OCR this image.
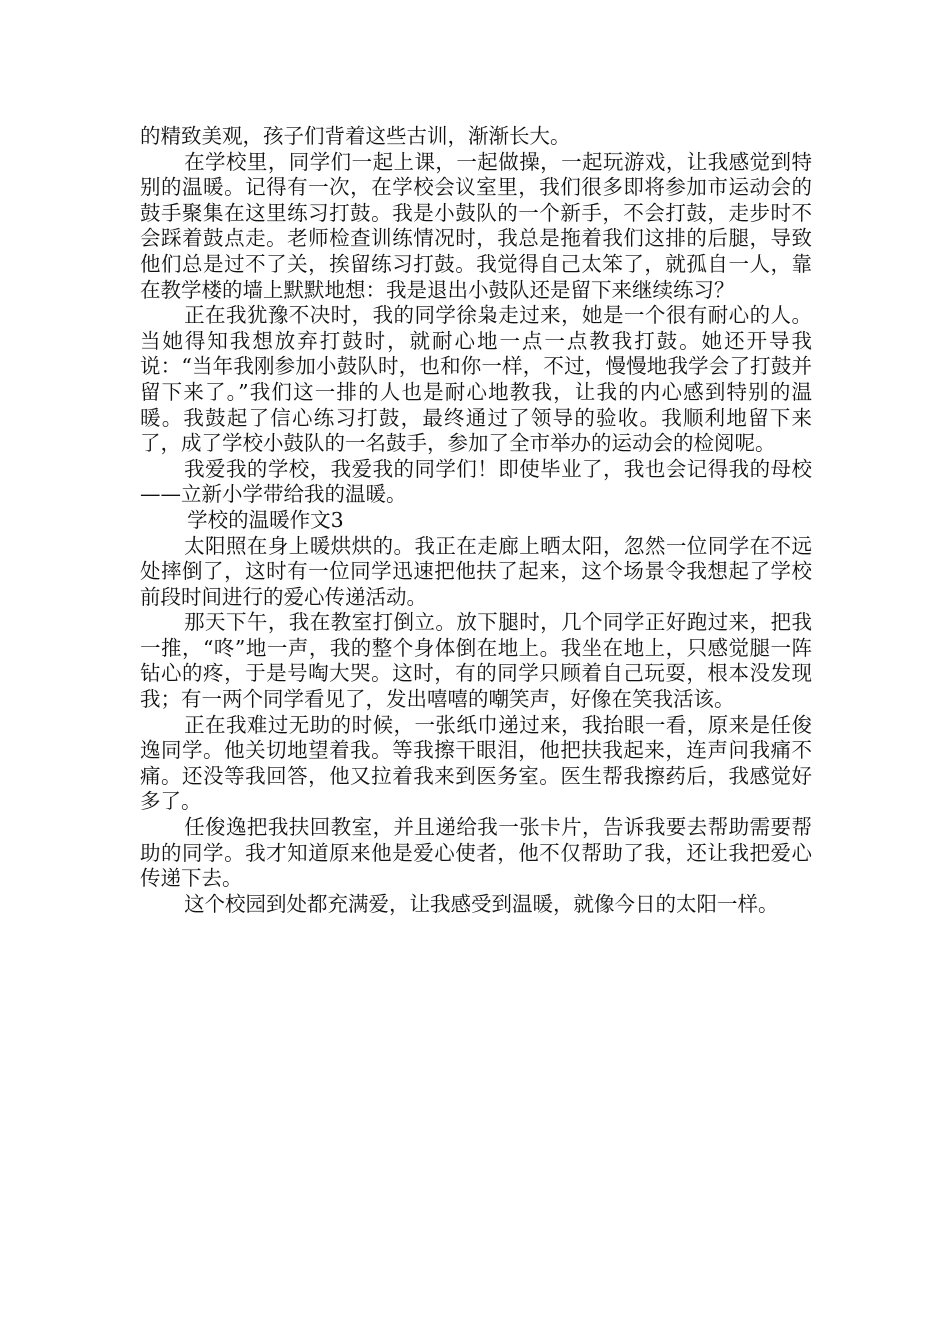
的精致美观，孩子们背着这些古训，渐渐长大。

在学校里，同学们一起上课，一起做操，一起玩游戏，让我感觉到特别的温暖。记得有一次，在学校会议室里，我们很多即将参加市运动会的鼓手聚集在这里练习打鼓。我是小鼓队的一个新手，不会打鼓，走步时不会踩着鼓点走。老师检查训练情况时，我总是拖着我们这排的后腿，导致他们总是过不了关，挨留练习打鼓。我觉得自己太笨了，就孤自一人，靠在教学楼的墙上默默地想：我是退出小鼓队还是留下来继续练习？

正在我犹豫不决时，我的同学徐枭走过来，她是一个很有耐心的人。当她得知我想放弃打鼓时，就耐心地一点一点教我打鼓。她还开导我说：“当年我刚参加小鼓队时，也和你一样，不过，慢慢地我学会了打鼓并留下来了。”我们这一排的人也是耐心地教我，让我的内心感到特别的温暖。我鼓起了信心练习打鼓，最终通过了领导的验收。我顺利地留下来了，成了学校小鼓队的一名鼓手，参加了全市举办的运动会的检阅呢。

我爱我的学校，我爱我的同学们！即使毕业了，我也会记得我的母校——立新小学带给我的温暖。

学校的温暖作文3

太阳照在身上暖烘烘的。我正在走廊上晒太阳，忽然一位同学在不远处摔倒了，这时有一位同学迅速把他扶了起来，这个场景令我想起了学校前段时间进行的爱心传递活动。

那天下午，我在教室打倒立。放下腿时，几个同学正好跑过来，把我一推，“咚”地一声，我的整个身体倒在地上。我坐在地上，只感觉腿一阵钻心的疼，于是号啕大哭。这时，有的同学只顾着自己玩耍，根本没发现我；有一两个同学看见了，发出嘻嘻的嘲笑声，好像在笑我活该。

正在我难过无助的时候，一张纸巾递过来，我抬眼一看，原来是任俊逸同学。他关切地望着我。等我擦干眼泪，他把扶我起来，连声问我痛不痛。还没等我回答，他又拉着我来到医务室。医生帮我擦药后，我感觉好多了。

任俊逸把我扶回教室，并且递给我一张卡片，告诉我要去帮助需要帮助的同学。我才知道原来他是爱心使者，他不仅帮助了我，还让我把爱心传递下去。

这个校园到处都充满爱，让我感受到温暖，就像今日的太阳一样。
